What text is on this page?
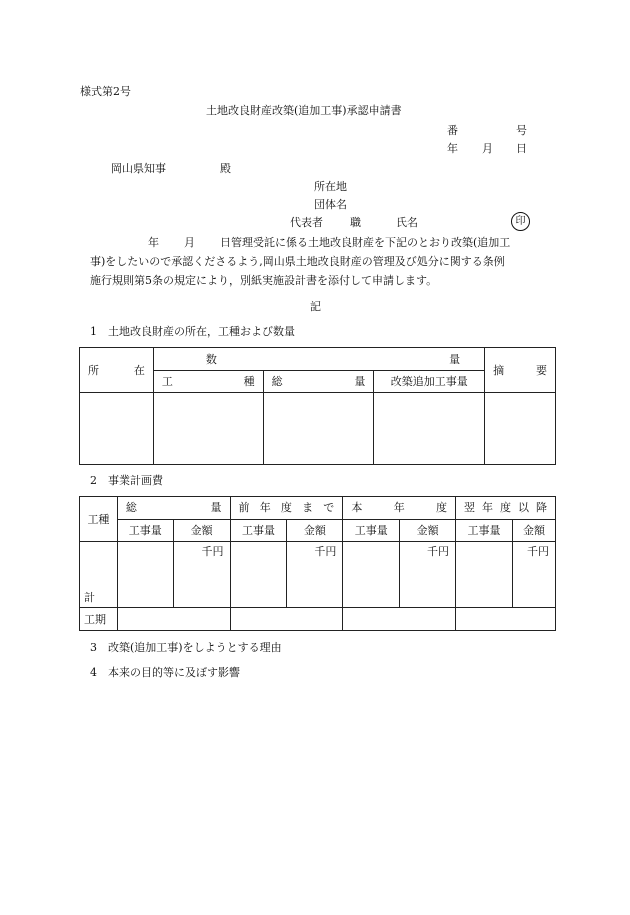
様式第2号
土地改良財産改築(追加工事)承認申請書
番	号
年 月 日
岡山県知事	殿
所在地
団体名
代表者 職	氏名	印
年 月 日管理受託に係る土地改良財産を下記のとおり改築(追加工
事)をしたいので承認くださるよう,岡山県土地改良財産の管理及び処分に関する条例
施行規則第5条の規定により，別紙実施設計書を添付して申請します。
記
1　土地改良財産の所在，工種および数量
所 在	数 量			摘 要

	工 種	総 量	改築追加工事量	

2　事業計画費
工種	総 量		前 年 度 ま で		本 年 度		翌 年 度 以 降	

	工事量	金額	工事量	金額	工事量	金額	工事量	金額
計		千円		千円		千円		千円
工期								
3　改築(追加工事)をしようとする理由
4　本来の目的等に及ぼす影響
